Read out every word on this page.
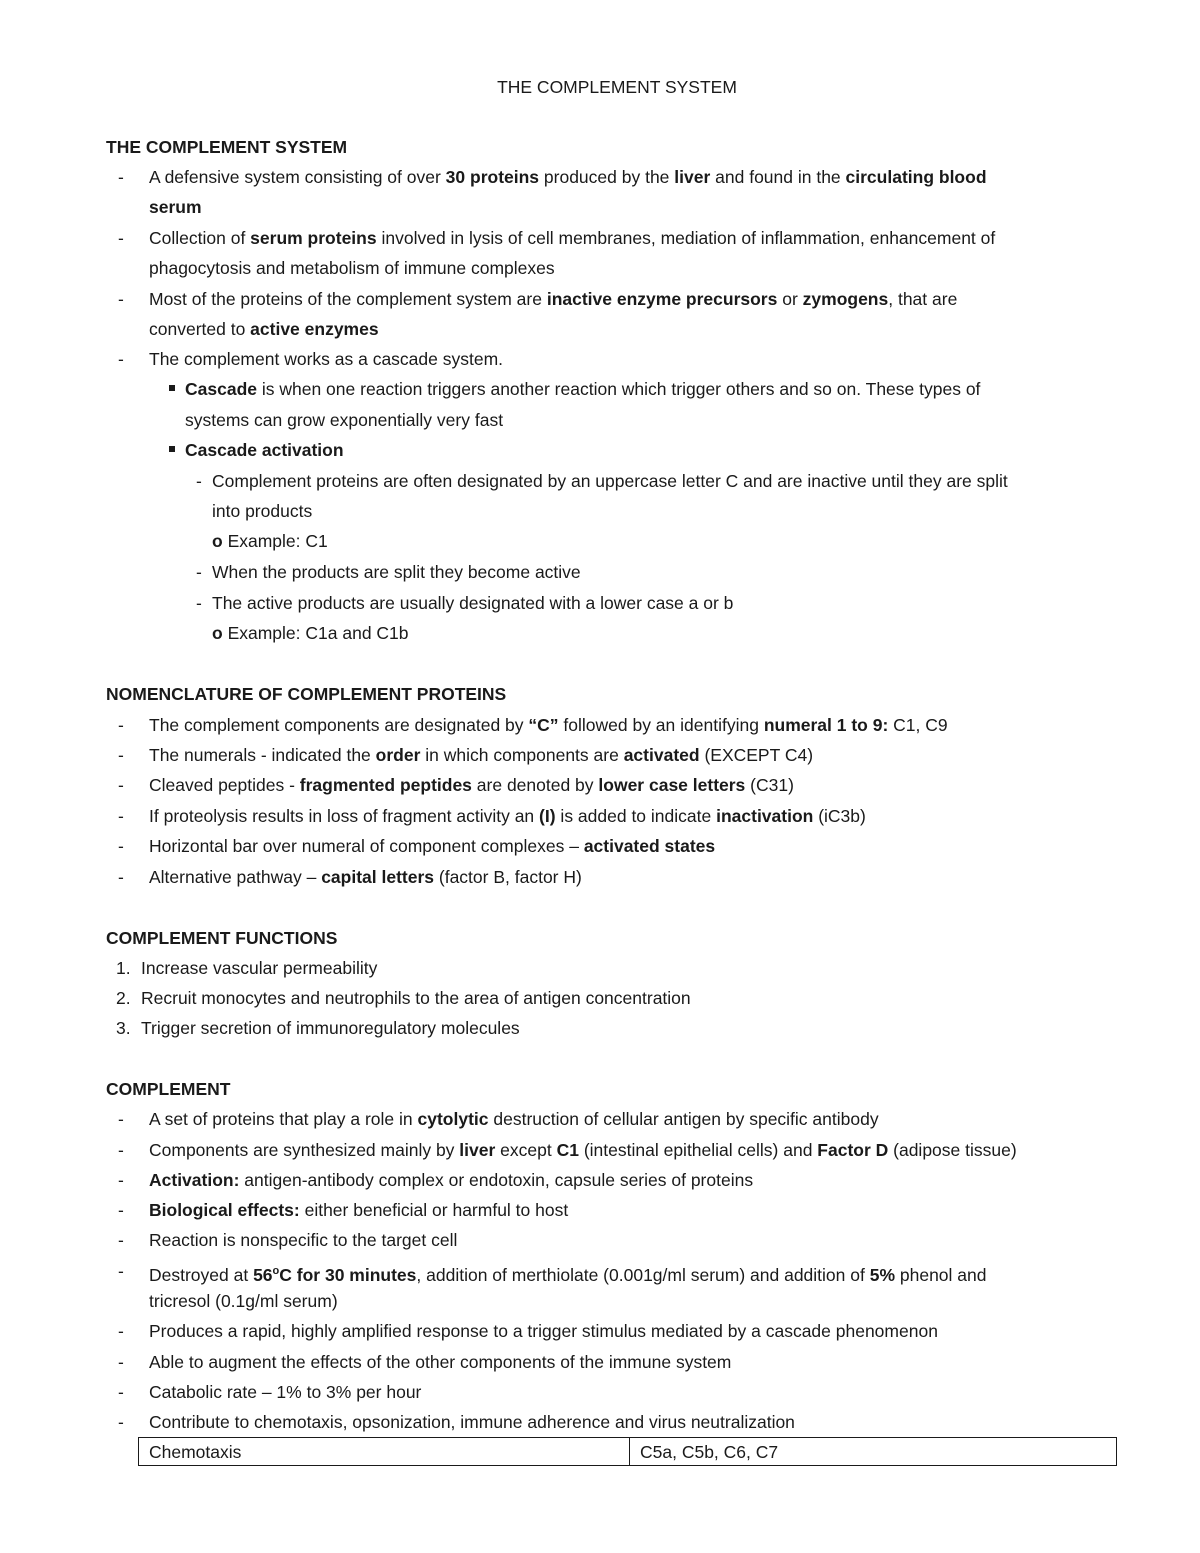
THE COMPLEMENT SYSTEM
THE COMPLEMENT SYSTEM
- A defensive system consisting of over 30 proteins produced by the liver and found in the circulating blood
serum
- Collection of serum proteins involved in lysis of cell membranes, mediation of inflammation, enhancement of
phagocytosis and metabolism of immune complexes
- Most of the proteins of the complement system are inactive enzyme precursors or zymogens, that are
converted to active enzymes
- The complement works as a cascade system.
Cascade is when one reaction triggers another reaction which trigger others and so on. These types of
systems can grow exponentially very fast
Cascade activation
- Complement proteins are often designated by an uppercase letter C and are inactive until they are split
into products
o Example: C1
- When the products are split they become active
- The active products are usually designated with a lower case a or b
o Example: C1a and C1b
NOMENCLATURE OF COMPLEMENT PROTEINS
- The complement components are designated by “C” followed by an identifying numeral 1 to 9: C1, C9
- The numerals - indicated the order in which components are activated (EXCEPT C4)
- Cleaved peptides - fragmented peptides are denoted by lower case letters (C31)
- If proteolysis results in loss of fragment activity an (I) is added to indicate inactivation (iC3b)
- Horizontal bar over numeral of component complexes – activated states
- Alternative pathway – capital letters (factor B, factor H)
COMPLEMENT FUNCTIONS
1. Increase vascular permeability
2. Recruit monocytes and neutrophils to the area of antigen concentration
3. Trigger secretion of immunoregulatory molecules
COMPLEMENT
- A set of proteins that play a role in cytolytic destruction of cellular antigen by specific antibody
- Components are synthesized mainly by liver except C1 (intestinal epithelial cells) and Factor D (adipose tissue)
- Activation: antigen-antibody complex or endotoxin, capsule series of proteins
- Biological effects: either beneficial or harmful to host
- Reaction is nonspecific to the target cell
- Destroyed at 56$^o$C for 30 minutes, addition of merthiolate (0.001g/ml serum) and addition of 5% phenol and
tricresol (0.1g/ml serum)
- Produces a rapid, highly amplified response to a trigger stimulus mediated by a cascade phenomenon
- Able to augment the effects of the other components of the immune system
- Catabolic rate – 1% to 3% per hour
- Contribute to chemotaxis, opsonization, immune adherence and virus neutralization
Chemotaxis	C5a, C5b, C6, C7
